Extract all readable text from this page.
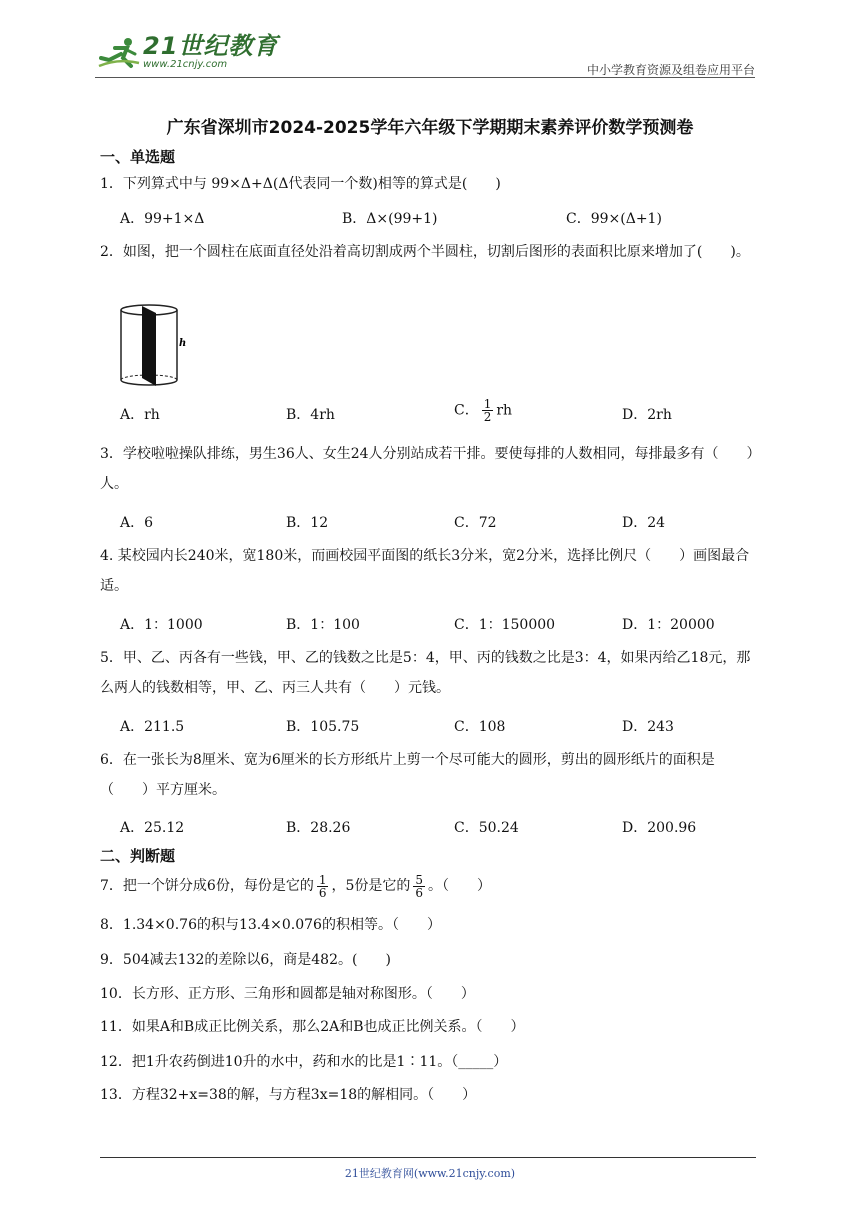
21世纪教育
www.21cnjy.com	中小学教育资源及组卷应用平台
广东省深圳市2024-2025学年六年级下学期期末素养评价数学预测卷
一、单选题
1．下列算式中与 99×Δ+Δ(Δ代表同一个数)相等的算式是(　　)
A．99+1×Δ	B．Δ×(99+1)	C．99×(Δ+1)
2．如图，把一个圆柱在底面直径处沿着高切割成两个半圆柱，切割后图形的表面积比原来增加了(　　)。
h
A．rh	B．4rh	C． $\frac{1}{2}$ rh	D．2rh
3．学校啦啦操队排练，男生36人、女生24人分别站成若干排。要使每排的人数相同，每排最多有（　　）人。
A．6	B．12	C．72	D．24
4. 某校园内长240米，宽180米，而画校园平面图的纸长3分米，宽2分米，选择比例尺（　　）画图最合适。
A．1：1000	B．1：100	C．1：150000	D．1：20000
5．甲、乙、丙各有一些钱，甲、乙的钱数之比是5：4，甲、丙的钱数之比是3：4，如果丙给乙18元，那么两人的钱数相等，甲、乙、丙三人共有（　　）元钱。
A．211.5	B．105.75	C．108	D．243
6．在一张长为8厘米、宽为6厘米的长方形纸片上剪一个尽可能大的圆形，剪出的圆形纸片的面积是（　　）平方厘米。
A．25.12	B．28.26	C．50.24	D．200.96
二、判断题
7．把一个饼分成6份，每份是它的 $\frac{1}{6}$ ，5份是它的 $\frac{5}{6}$ 。（　　）
8．1.34×0.76的积与13.4×0.076的积相等。（　　）
9．504减去132的差除以6，商是482。(　　)
10．长方形、正方形、三角形和圆都是轴对称图形。（　　）
11．如果A和B成正比例关系，那么2A和B也成正比例关系。（　　）
12．把1升农药倒进10升的水中，药和水的比是1∶11。（_____）
13．方程32+x=38的解，与方程3x=18的解相同。（　　）
21世纪教育网(www.21cnjy.com)
